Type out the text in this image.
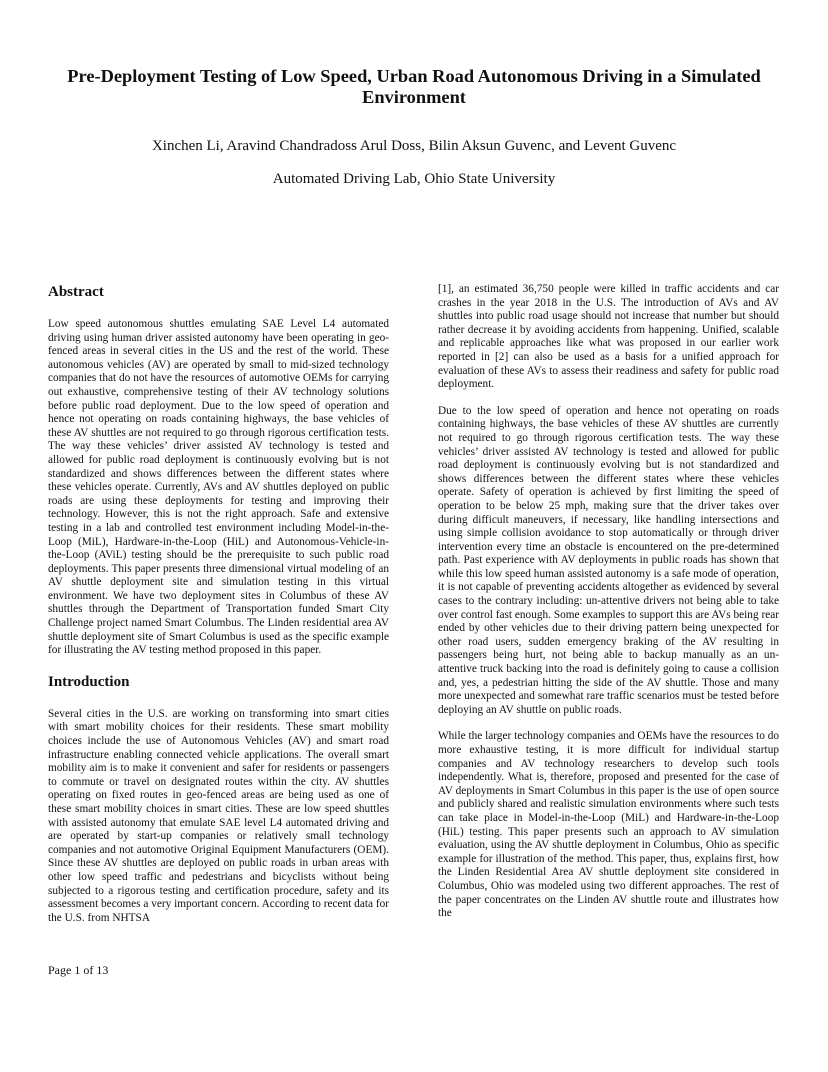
Pre-Deployment Testing of Low Speed, Urban Road Autonomous Driving in a Simulated Environment
Xinchen Li, Aravind Chandradoss Arul Doss, Bilin Aksun Guvenc, and Levent Guvenc
Automated Driving Lab, Ohio State University
Abstract

Low speed autonomous shuttles emulating SAE Level L4 automated driving using human driver assisted autonomy have been operating in geo-fenced areas in several cities in the US and the rest of the world. These autonomous vehicles (AV) are operated by small to mid-sized technology companies that do not have the resources of automotive OEMs for carrying out exhaustive, comprehensive testing of their AV technology solutions before public road deployment. Due to the low speed of operation and hence not operating on roads containing highways, the base vehicles of these AV shuttles are not required to go through rigorous certification tests. The way these vehicles’ driver assisted AV technology is tested and allowed for public road deployment is continuously evolving but is not standardized and shows differences between the different states where these vehicles operate. Currently, AVs and AV shuttles deployed on public roads are using these deployments for testing and improving their technology. However, this is not the right approach. Safe and extensive testing in a lab and controlled test environment including Model-in-the-Loop (MiL), Hardware-in-the-Loop (HiL) and Autonomous-Vehicle-in-the-Loop (AViL) testing should be the prerequisite to such public road deployments. This paper presents three dimensional virtual modeling of an AV shuttle deployment site and simulation testing in this virtual environment. We have two deployment sites in Columbus of these AV shuttles through the Department of Transportation funded Smart City Challenge project named Smart Columbus. The Linden residential area AV shuttle deployment site of Smart Columbus is used as the specific example for illustrating the AV testing method proposed in this paper.

Introduction

Several cities in the U.S. are working on transforming into smart cities with smart mobility choices for their residents. These smart mobility choices include the use of Autonomous Vehicles (AV) and smart road infrastructure enabling connected vehicle applications. The overall smart mobility aim is to make it convenient and safer for residents or passengers to commute or travel on designated routes within the city. AV shuttles operating on fixed routes in geo-fenced areas are being used as one of these smart mobility choices in smart cities. These are low speed shuttles with assisted autonomy that emulate SAE level L4 automated driving and are operated by start-up companies or relatively small technology companies and not automotive Original Equipment Manufacturers (OEM). Since these AV shuttles are deployed on public roads in urban areas with other low speed traffic and pedestrians and bicyclists without being subjected to a rigorous testing and certification procedure, safety and its assessment becomes a very important concern. According to recent data for the U.S. from NHTSA

[1], an estimated 36,750 people were killed in traffic accidents and car crashes in the year 2018 in the U.S. The introduction of AVs and AV shuttles into public road usage should not increase that number but should rather decrease it by avoiding accidents from happening. Unified, scalable and replicable approaches like what was proposed in our earlier work reported in [2] can also be used as a basis for a unified approach for evaluation of these AVs to assess their readiness and safety for public road deployment.

Due to the low speed of operation and hence not operating on roads containing highways, the base vehicles of these AV shuttles are currently not required to go through rigorous certification tests. The way these vehicles’ driver assisted AV technology is tested and allowed for public road deployment is continuously evolving but is not standardized and shows differences between the different states where these vehicles operate. Safety of operation is achieved by first limiting the speed of operation to be below 25 mph, making sure that the driver takes over during difficult maneuvers, if necessary, like handling intersections and using simple collision avoidance to stop automatically or through driver intervention every time an obstacle is encountered on the pre-determined path. Past experience with AV deployments in public roads has shown that while this low speed human assisted autonomy is a safe mode of operation, it is not capable of preventing accidents altogether as evidenced by several cases to the contrary including: un-attentive drivers not being able to take over control fast enough. Some examples to support this are AVs being rear ended by other vehicles due to their driving pattern being unexpected for other road users, sudden emergency braking of the AV resulting in passengers being hurt, not being able to backup manually as an un-attentive truck backing into the road is definitely going to cause a collision and, yes, a pedestrian hitting the side of the AV shuttle. Those and many more unexpected and somewhat rare traffic scenarios must be tested before deploying an AV shuttle on public roads.

While the larger technology companies and OEMs have the resources to do more exhaustive testing, it is more difficult for individual startup companies and AV technology researchers to develop such tools independently. What is, therefore, proposed and presented for the case of AV deployments in Smart Columbus in this paper is the use of open source and publicly shared and realistic simulation environments where such tests can take place in Model-in-the-Loop (MiL) and Hardware-in-the-Loop (HiL) testing. This paper presents such an approach to AV simulation evaluation, using the AV shuttle deployment in Columbus, Ohio as specific example for illustration of the method. This paper, thus, explains first, how the Linden Residential Area AV shuttle deployment site considered in Columbus, Ohio was modeled using two different approaches. The rest of the paper concentrates on the Linden AV shuttle route and illustrates how the

Page 1 of 13
